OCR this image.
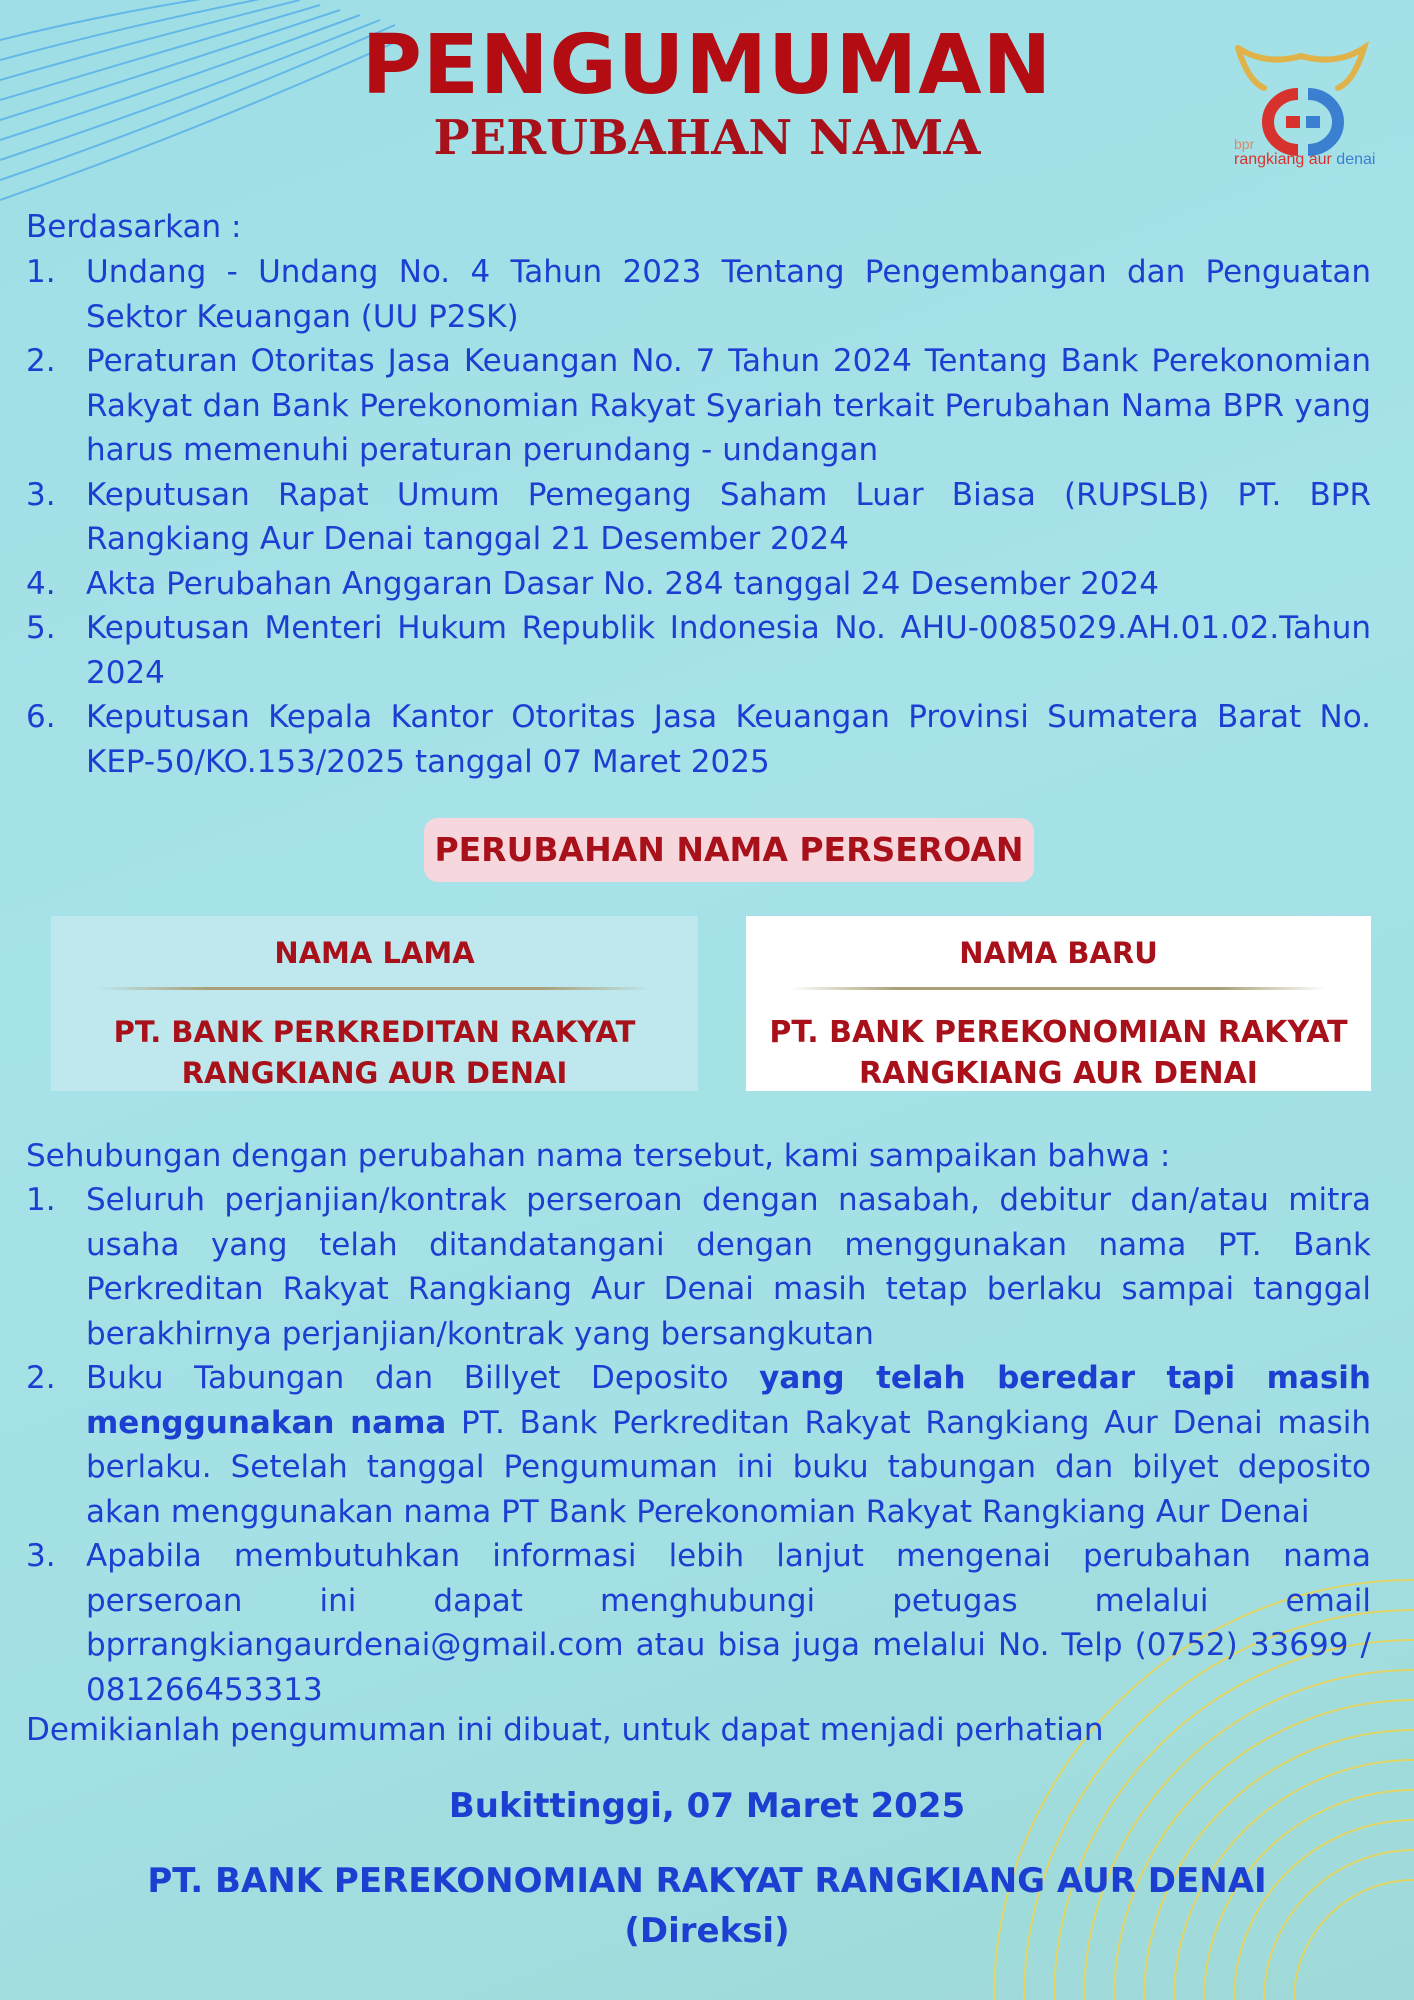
PENGUMUMAN
PERUBAHAN NAMA	bpr
rangkiang aur denai
Berdasarkan :
1. Undang - Undang No. 4 Tahun 2023 Tentang Pengembangan dan Penguatan Sektor Keuangan (UU P2SK)
2. Peraturan Otoritas Jasa Keuangan No. 7 Tahun 2024 Tentang Bank Perekonomian Rakyat dan Bank Perekonomian Rakyat Syariah terkait Perubahan Nama BPR yang harus memenuhi peraturan perundang - undangan
3. Keputusan Rapat Umum Pemegang Saham Luar Biasa (RUPSLB) PT. BPR Rangkiang Aur Denai tanggal 21 Desember 2024
4. Akta Perubahan Anggaran Dasar No. 284 tanggal 24 Desember 2024
5. Keputusan Menteri Hukum Republik Indonesia No. AHU-0085029.AH.01.02.Tahun 2024
6. Keputusan Kepala Kantor Otoritas Jasa Keuangan Provinsi Sumatera Barat No. KEP-50/KO.153/2025 tanggal 07 Maret 2025
PERUBAHAN NAMA PERSEROAN
NAMA LAMA
PT. BANK PERKREDITAN RAKYAT
RANGKIANG AUR DENAI
NAMA BARU
PT. BANK PEREKONOMIAN RAKYAT
RANGKIANG AUR DENAI
Sehubungan dengan perubahan nama tersebut, kami sampaikan bahwa :
1. Seluruh perjanjian/kontrak perseroan dengan nasabah, debitur dan/atau mitra usaha yang telah ditandatangani dengan menggunakan nama PT. Bank Perkreditan Rakyat Rangkiang Aur Denai masih tetap berlaku sampai tanggal berakhirnya perjanjian/kontrak yang bersangkutan
2. Buku Tabungan dan Billyet Deposito yang telah beredar tapi masih menggunakan nama PT. Bank Perkreditan Rakyat Rangkiang Aur Denai masih berlaku. Setelah tanggal Pengumuman ini buku tabungan dan bilyet deposito akan menggunakan nama PT Bank Perekonomian Rakyat Rangkiang Aur Denai
3. Apabila membutuhkan informasi lebih lanjut mengenai perubahan nama perseroan ini dapat menghubungi petugas melalui email bprrangkiangaurdenai@gmail.com atau bisa juga melalui No. Telp (0752) 33699 / 081266453313
Demikianlah pengumuman ini dibuat, untuk dapat menjadi perhatian
Bukittinggi, 07 Maret 2025
PT. BANK PEREKONOMIAN RAKYAT RANGKIANG AUR DENAI
(Direksi)
